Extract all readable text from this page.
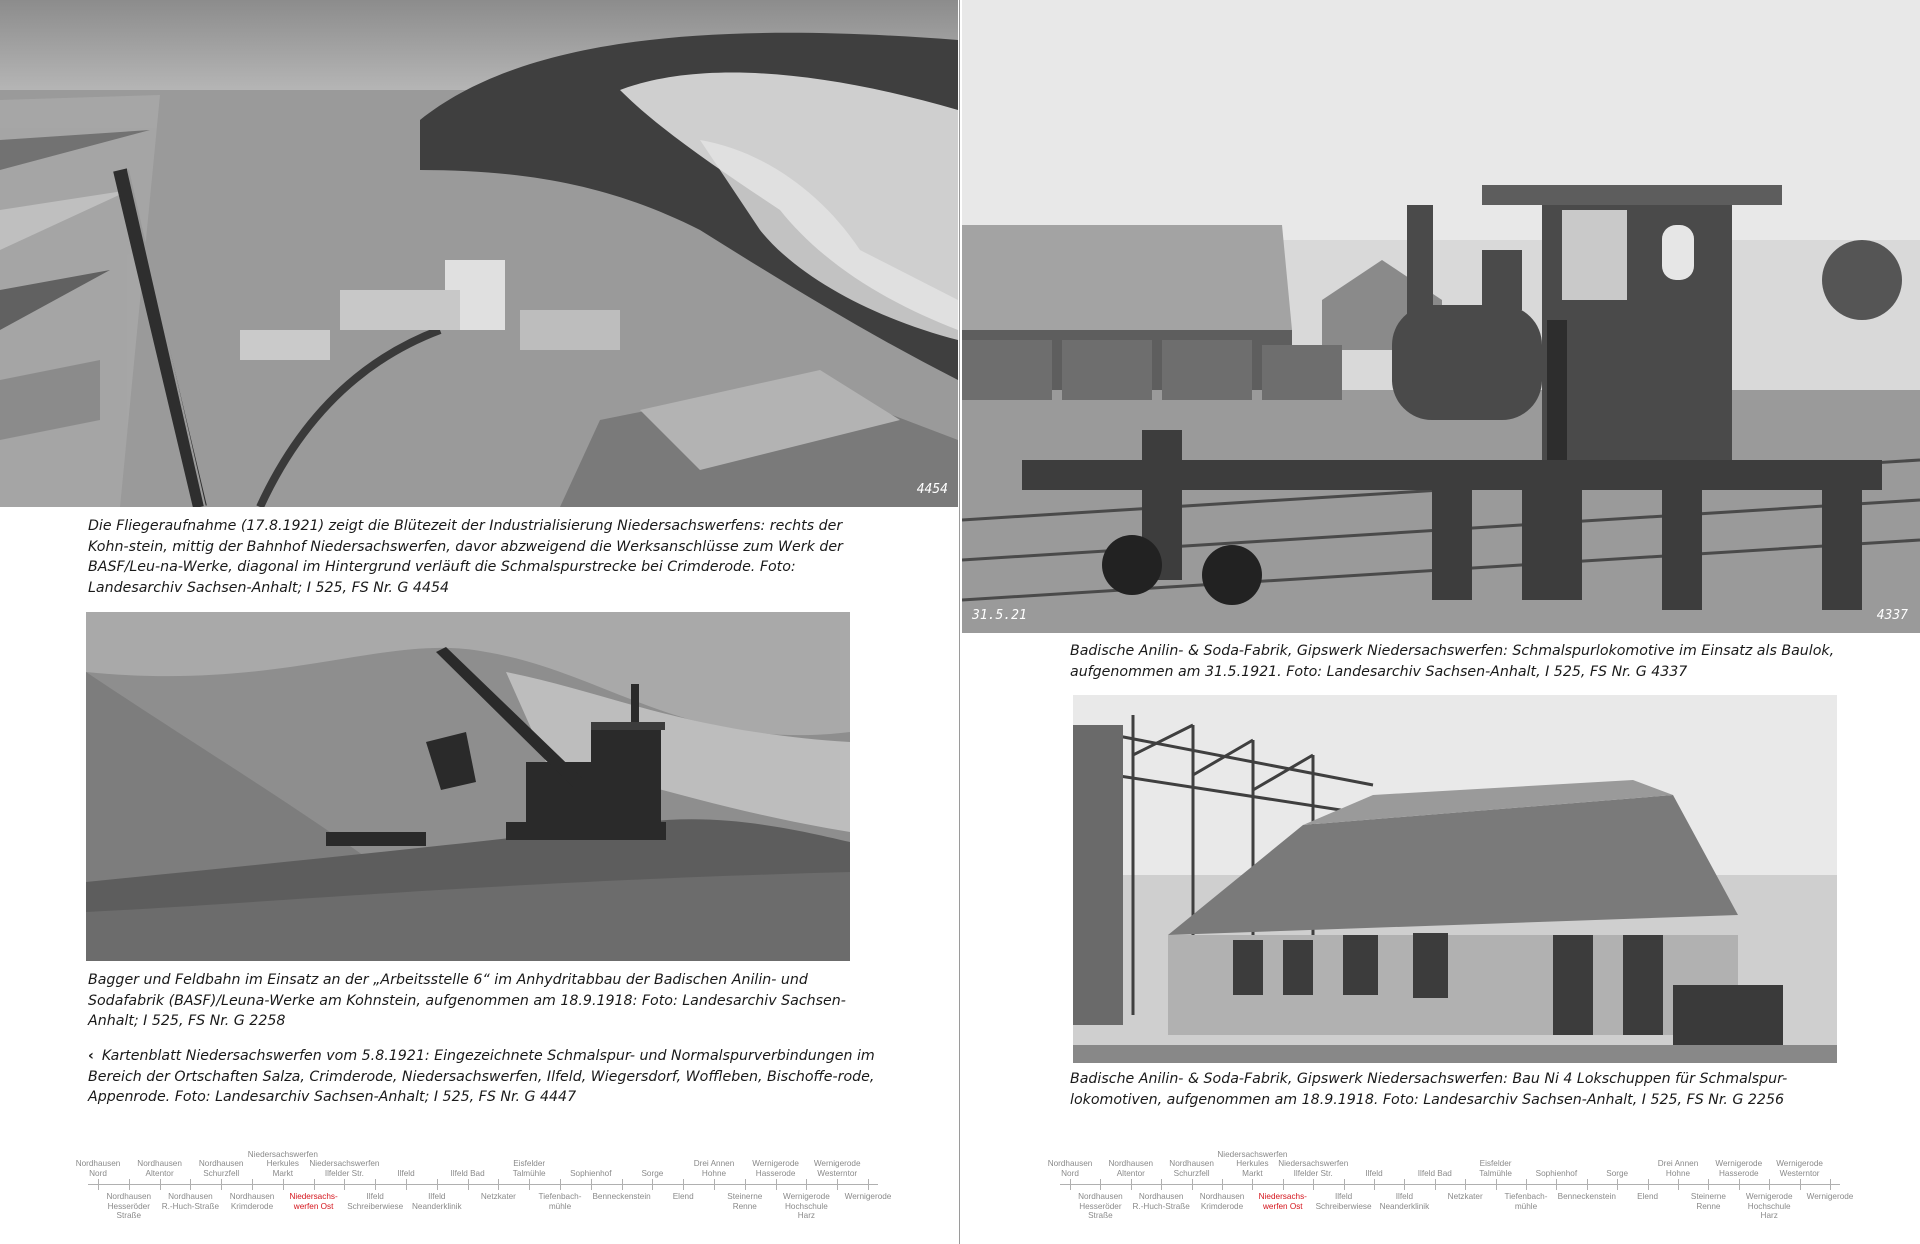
4454
Die Fliegeraufnahme (17.8.1921) zeigt die Blütezeit der Industrialisierung Niedersachswerfens: rechts der Kohn-stein, mittig der Bahnhof Niedersachswerfen, davor abzweigend die Werksanschlüsse zum Werk der BASF/Leu-na-Werke, diagonal im Hintergrund verläuft die Schmalspurstrecke bei Crimderode. Foto: Landesarchiv Sachsen-Anhalt; I 525, FS Nr. G 4454
Bagger und Feldbahn im Einsatz an der „Arbeitsstelle 6“ im Anhydritabbau der Badischen Anilin- und Sodafabrik (BASF)/Leuna-Werke am Kohnstein, aufgenommen am 18.9.1918: Foto: Landesarchiv Sachsen-Anhalt; I 525, FS Nr. G 2258
‹ Kartenblatt Niedersachswerfen vom 5.8.1921: Eingezeichnete Schmalspur- und Normalspurverbindungen im Bereich der Ortschaften Salza, Crimderode, Niedersachswerfen, Ilfeld, Wiegersdorf, Woffleben, Bischoffe-rode, Appenrode. Foto: Landesarchiv Sachsen-Anhalt; I 525, FS Nr. G 4447
Nordhausen
Nord
Nordhausen
Hesseröder
Straße
Nordhausen
Altentor
Nordhausen
R.-Huch-Straße
Nordhausen
Schurzfell
Nordhausen
Krimderode
Niedersachswerfen
Herkules
Markt
Niedersachs-
werfen Ost
Niedersachswerfen
Ilfelder Str.
Ilfeld
Schreiberwiese
Ilfeld
Ilfeld
Neanderklinik
Ilfeld Bad
Netzkater
Eisfelder
Talmühle
Tiefenbach-
mühle
Sophienhof
Benneckenstein
Sorge
Elend
Drei Annen
Hohne
Steinerne
Renne
Wernigerode
Hasserode
Wernigerode
Hochschule
Harz
Wernigerode
Westerntor
Wernigerode
31.5.21	4337
Badische Anilin- & Soda-Fabrik, Gipswerk Niedersachswerfen: Schmalspurlokomotive im Einsatz als Baulok, aufgenommen am 31.5.1921. Foto: Landesarchiv Sachsen-Anhalt, I 525, FS Nr. G 4337
Badische Anilin- & Soda-Fabrik, Gipswerk Niedersachswerfen: Bau Ni 4 Lokschuppen für Schmalspur-lokomotiven, aufgenommen am 18.9.1918. Foto: Landesarchiv Sachsen-Anhalt, I 525, FS Nr. G 2256
Nordhausen
Nord
Nordhausen
Hesseröder
Straße
Nordhausen
Altentor
Nordhausen
R.-Huch-Straße
Nordhausen
Schurzfell
Nordhausen
Krimderode
Niedersachswerfen
Herkules
Markt
Niedersachs-
werfen Ost
Niedersachswerfen
Ilfelder Str.
Ilfeld
Schreiberwiese
Ilfeld
Ilfeld
Neanderklinik
Ilfeld Bad
Netzkater
Eisfelder
Talmühle
Tiefenbach-
mühle
Sophienhof
Benneckenstein
Sorge
Elend
Drei Annen
Hohne
Steinerne
Renne
Wernigerode
Hasserode
Wernigerode
Hochschule
Harz
Wernigerode
Westerntor
Wernigerode
